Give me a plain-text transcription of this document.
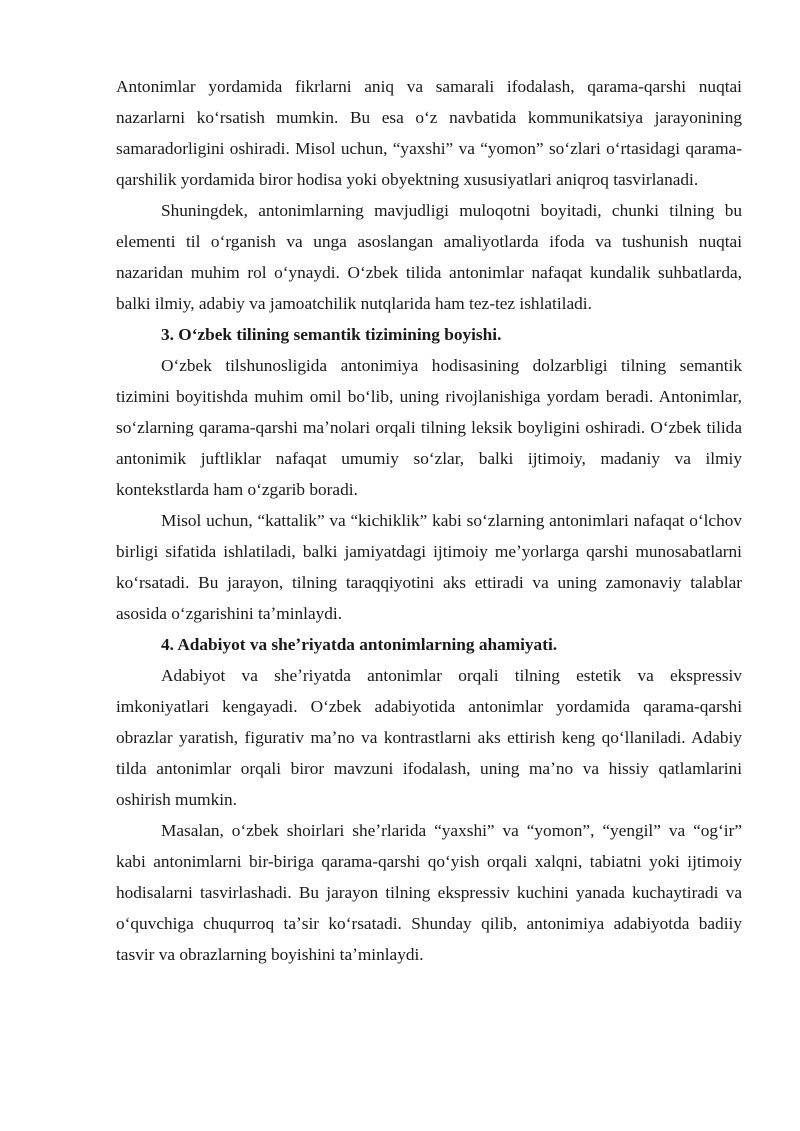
Antonimlar yordamida fikrlarni aniq va samarali ifodalash, qarama-qarshi nuqtai nazarlarni koʻrsatish mumkin. Bu esa oʻz navbatida kommunikatsiya jarayonining samaradorligini oshiradi. Misol uchun, “yaxshi” va “yomon” soʻzlari oʻrtasidagi qarama-qarshilik yordamida biror hodisa yoki obyektning xususiyatlari aniqroq tasvirlanadi.

Shuningdek, antonimlarning mavjudligi muloqotni boyitadi, chunki tilning bu elementi til oʻrganish va unga asoslangan amaliyotlarda ifoda va tushunish nuqtai nazaridan muhim rol oʻynaydi. Oʻzbek tilida antonimlar nafaqat kundalik suhbatlarda, balki ilmiy, adabiy va jamoatchilik nutqlarida ham tez-tez ishlatiladi.

3. Oʻzbek tilining semantik tizimining boyishi.

Oʻzbek tilshunosligida antonimiya hodisasining dolzarbligi tilning semantik tizimini boyitishda muhim omil boʻlib, uning rivojlanishiga yordam beradi. Antonimlar, soʻzlarning qarama-qarshi maʼnolari orqali tilning leksik boyligini oshiradi. Oʻzbek tilida antonimik juftliklar nafaqat umumiy soʻzlar, balki ijtimoiy, madaniy va ilmiy kontekstlarda ham oʻzgarib boradi.

Misol uchun, “kattalik” va “kichiklik” kabi soʻzlarning antonimlari nafaqat oʻlchov birligi sifatida ishlatiladi, balki jamiyatdagi ijtimoiy meʼyorlarga qarshi munosabatlarni koʻrsatadi. Bu jarayon, tilning taraqqiyotini aks ettiradi va uning zamonaviy talablar asosida oʻzgarishini taʼminlaydi.

4. Adabiyot va sheʼriyatda antonimlarning ahamiyati.

Adabiyot va sheʼriyatda antonimlar orqali tilning estetik va ekspressiv imkoniyatlari kengayadi. Oʻzbek adabiyotida antonimlar yordamida qarama-qarshi obrazlar yaratish, figurativ maʼno va kontrastlarni aks ettirish keng qoʻllaniladi. Adabiy tilda antonimlar orqali biror mavzuni ifodalash, uning maʼno va hissiy qatlamlarini oshirish mumkin.

Masalan, oʻzbek shoirlari sheʼrlarida “yaxshi” va “yomon”, “yengil” va “ogʻir” kabi antonimlarni bir-biriga qarama-qarshi qoʻyish orqali xalqni, tabiatni yoki ijtimoiy hodisalarni tasvirlashadi. Bu jarayon tilning ekspressiv kuchini yanada kuchaytiradi va oʻquvchiga chuqurroq taʼsir koʻrsatadi. Shunday qilib, antonimiya adabiyotda badiiy tasvir va obrazlarning boyishini taʼminlaydi.
